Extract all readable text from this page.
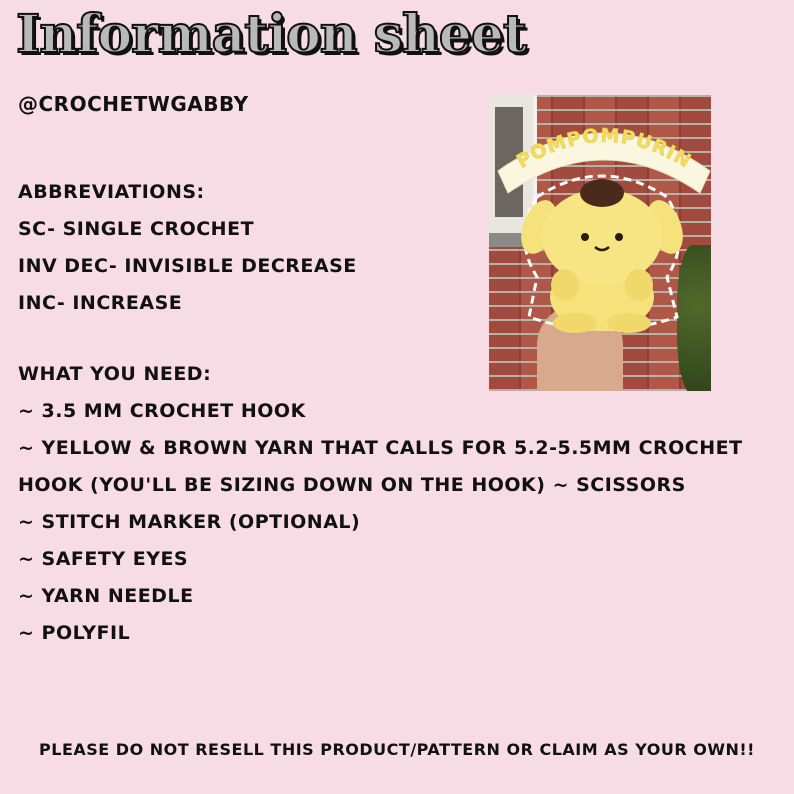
Information sheet
@CROCHETWGABBY
ABBREVIATIONS:
SC- SINGLE CROCHET
INV DEC- INVISIBLE DECREASE
INC- INCREASE
WHAT YOU NEED:
~ 3.5 MM CROCHET HOOK
~ YELLOW & BROWN YARN THAT CALLS FOR 5.2-5.5MM CROCHET HOOK (YOU'LL BE SIZING DOWN ON THE HOOK) ~ SCISSORS
~ STITCH MARKER (OPTIONAL)
~ SAFETY EYES
~ YARN NEEDLE
~ POLYFIL
POMPOMPURIN
PLEASE DO NOT RESELL THIS PRODUCT/PATTERN OR CLAIM AS YOUR OWN!!
